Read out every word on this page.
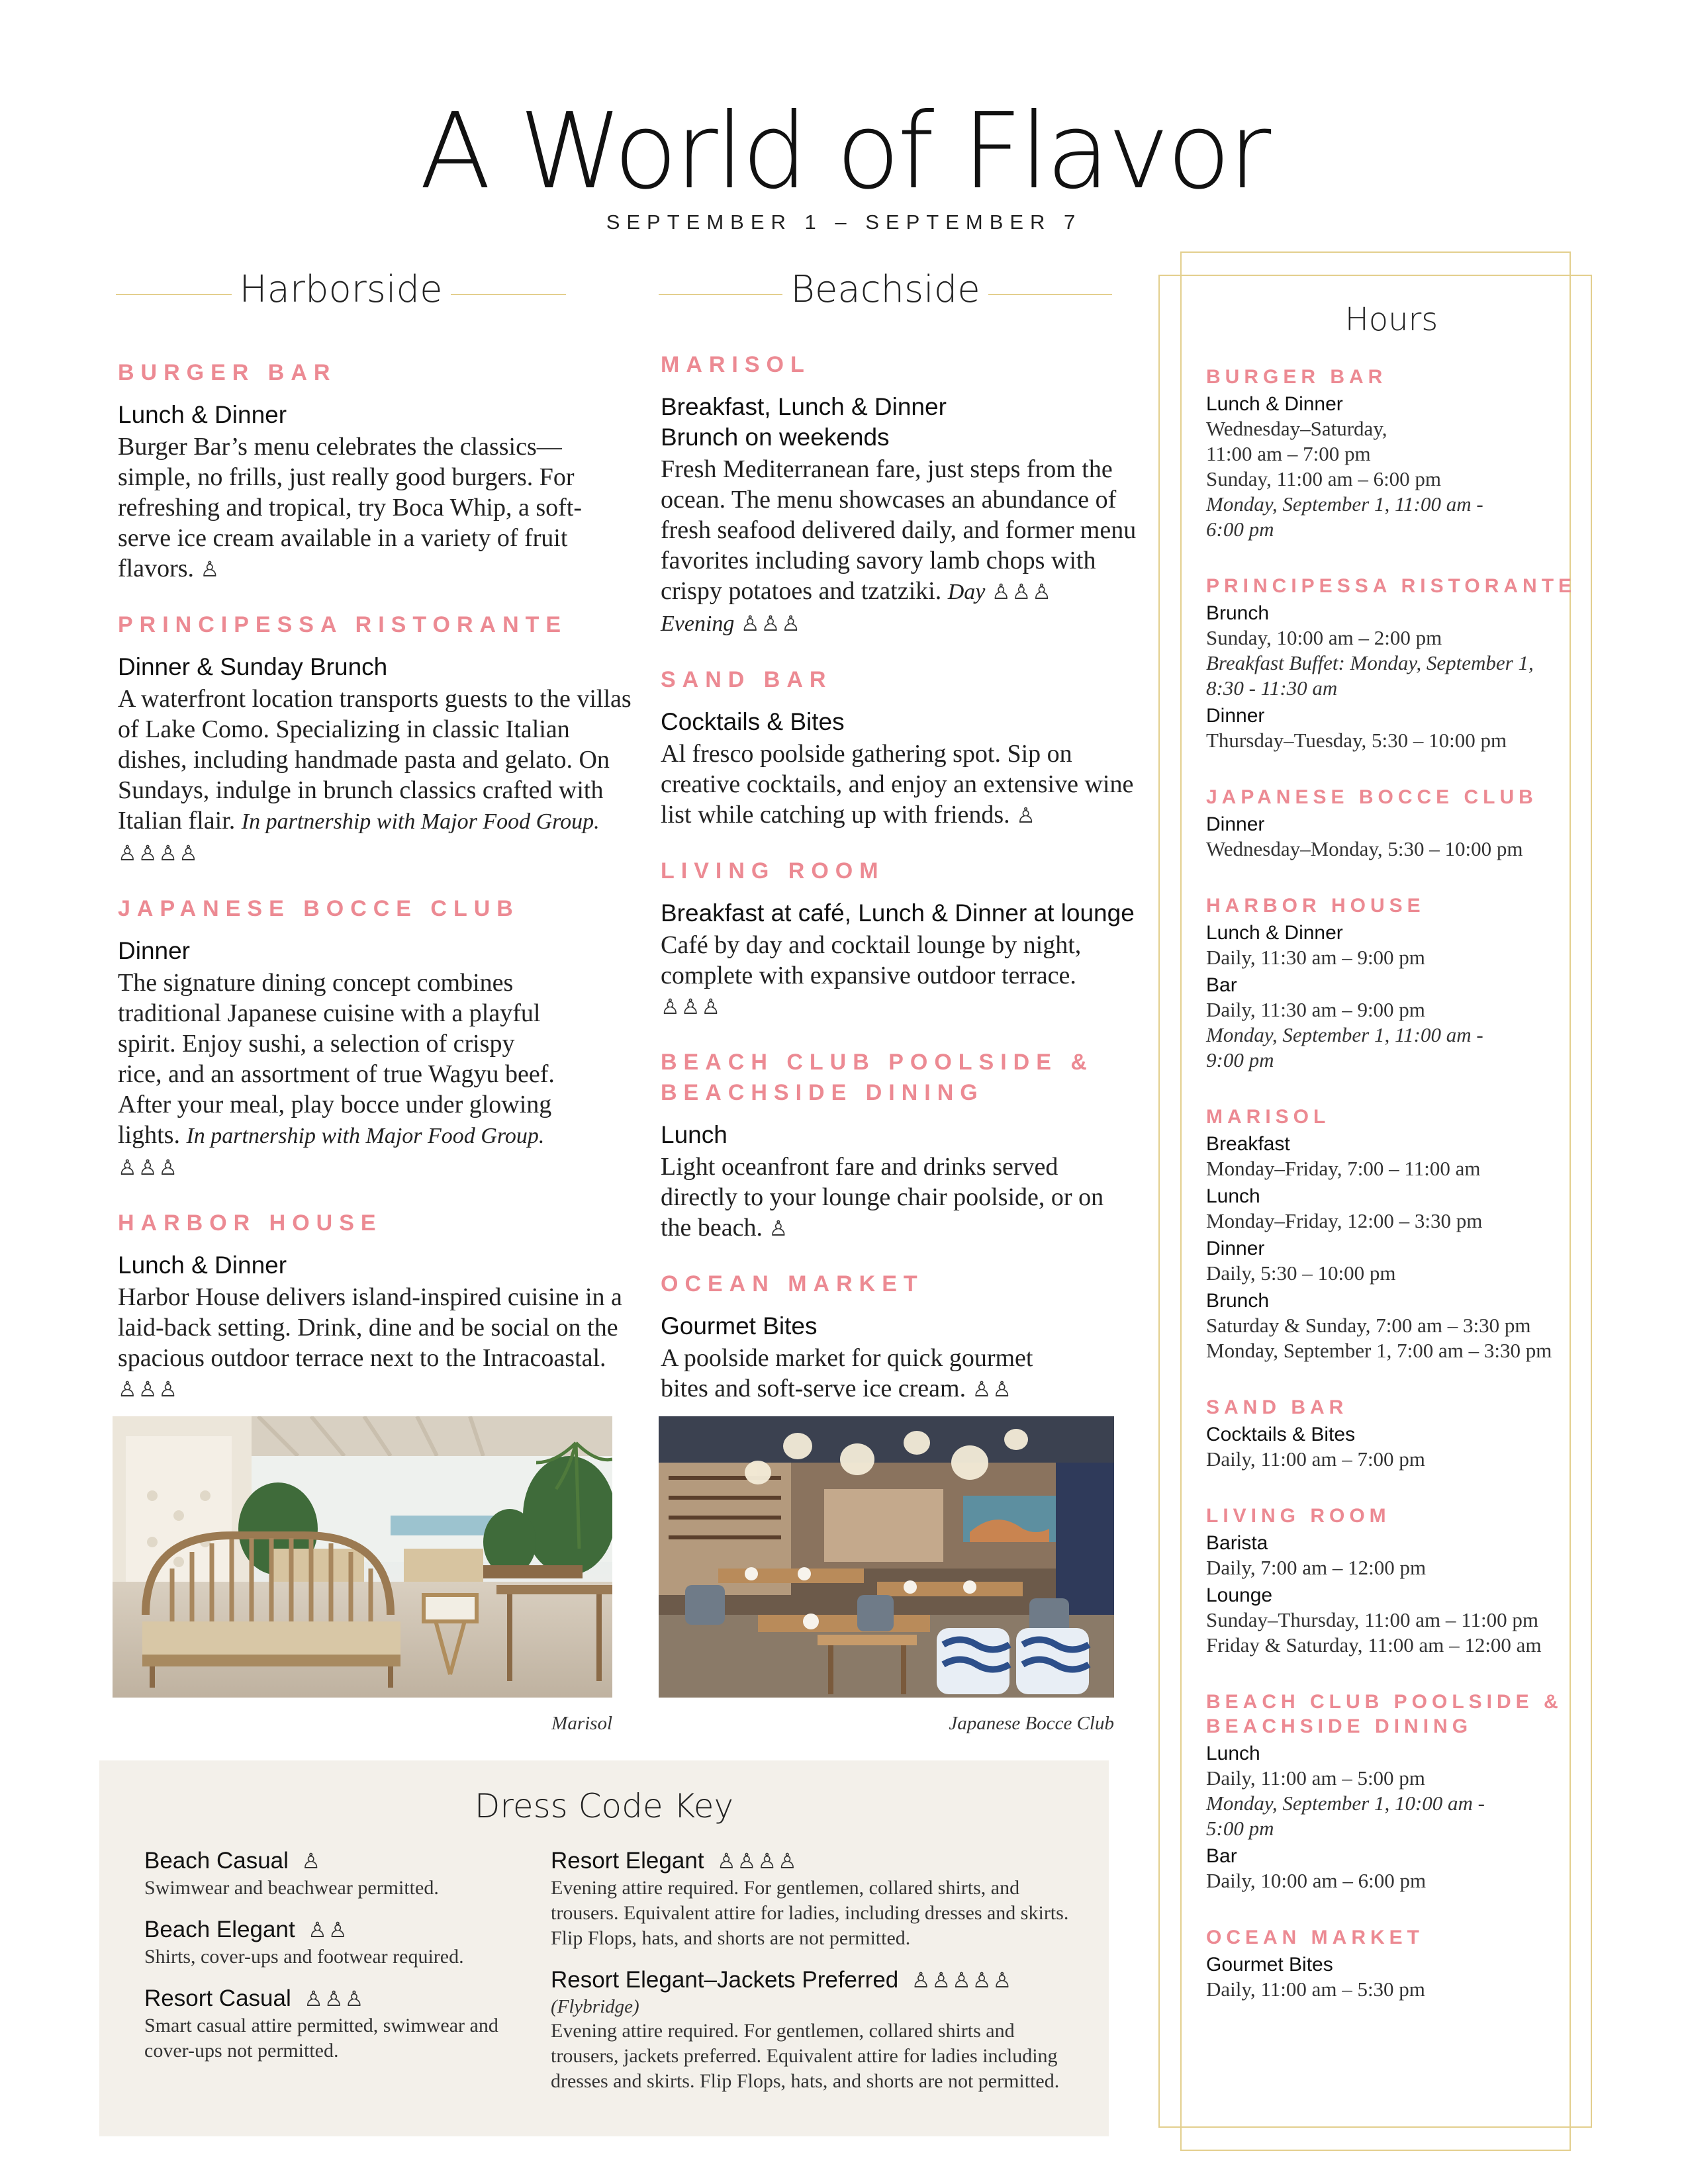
A World of Flavor
SEPTEMBER 1 – SEPTEMBER 7
Harborside	Beachside
BURGER BAR
Lunch & Dinner
Burger Bar’s menu celebrates the classics—simple, no frills, just really good burgers. For refreshing and tropical, try Boca Whip, a soft-serve ice cream available in a variety of fruit flavors. ♙
PRINCIPESSA RISTORANTE
Dinner & Sunday Brunch
A waterfront location transports guests to the villas of Lake Como. Specializing in classic Italian dishes, including handmade pasta and gelato. On Sundays, indulge in brunch classics crafted with Italian flair. In partnership with Major Food Group. ♙♙♙♙
JAPANESE BOCCE CLUB
Dinner
The signature dining concept combines traditional Japanese cuisine with a playful spirit. Enjoy sushi, a selection of crispy rice, and an assortment of true Wagyu beef. After your meal, play bocce under glowing lights. In partnership with Major Food Group. ♙♙♙
HARBOR HOUSE
Lunch & Dinner
Harbor House delivers island-inspired cuisine in a laid-back setting. Drink, dine and be social on the spacious outdoor terrace next to the Intracoastal. ♙♙♙
MARISOL
Breakfast, Lunch & Dinner
Brunch on weekends
Fresh Mediterranean fare, just steps from the ocean. The menu showcases an abundance of fresh seafood delivered daily, and former menu favorites including savory lamb chops with crispy potatoes and tzatziki. Day ♙♙♙  Evening ♙♙♙
SAND BAR
Cocktails & Bites
Al fresco poolside gathering spot. Sip on creative cocktails, and enjoy an extensive wine list while catching up with friends. ♙
LIVING ROOM
Breakfast at café, Lunch & Dinner at lounge
Café by day and cocktail lounge by night, complete with expansive outdoor terrace. ♙♙♙
BEACH CLUB POOLSIDE & BEACHSIDE DINING
Lunch
Light oceanfront fare and drinks served directly to your lounge chair poolside, or on the beach. ♙
OCEAN MARKET
Gourmet Bites
A poolside market for quick gourmet bites and soft-serve ice cream. ♙♙
Marisol	Japanese Bocce Club
Dress Code Key
Beach Casual ♙
Swimwear and beachwear permitted.
Beach Elegant ♙♙
Shirts, cover-ups and footwear required.
Resort Casual ♙♙♙
Smart casual attire permitted, swimwear and cover-ups not permitted.
Resort Elegant ♙♙♙♙
Evening attire required. For gentlemen, collared shirts, and trousers. Equivalent attire for ladies, including dresses and skirts. Flip Flops, hats, and shorts are not permitted.
Resort Elegant–Jackets Preferred ♙♙♙♙♙
(Flybridge)
Evening attire required. For gentlemen, collared shirts and trousers, jackets preferred. Equivalent attire for ladies including dresses and skirts. Flip Flops, hats, and shorts are not permitted.
Hours
BURGER BAR
Lunch & Dinner
Wednesday–Saturday,
11:00 am – 7:00 pm
Sunday, 11:00 am – 6:00 pm
Monday, September 1, 11:00 am -
6:00 pm
PRINCIPESSA RISTORANTE
Brunch
Sunday, 10:00 am – 2:00 pm
Breakfast Buffet: Monday, September 1,
8:30 - 11:30 am
Dinner
Thursday–Tuesday, 5:30 – 10:00 pm
JAPANESE BOCCE CLUB
Dinner
Wednesday–Monday, 5:30 – 10:00 pm
HARBOR HOUSE
Lunch & Dinner
Daily, 11:30 am – 9:00 pm
Bar
Daily, 11:30 am – 9:00 pm
Monday, September 1, 11:00 am -
9:00 pm
MARISOL
Breakfast
Monday–Friday, 7:00 – 11:00 am
Lunch
Monday–Friday, 12:00 – 3:30 pm
Dinner
Daily, 5:30 – 10:00 pm
Brunch
Saturday & Sunday, 7:00 am – 3:30 pm
Monday, September 1, 7:00 am – 3:30 pm
SAND BAR
Cocktails & Bites
Daily, 11:00 am – 7:00 pm
LIVING ROOM
Barista
Daily, 7:00 am – 12:00 pm
Lounge
Sunday–Thursday, 11:00 am – 11:00 pm
Friday & Saturday, 11:00 am – 12:00 am
BEACH CLUB POOLSIDE & BEACHSIDE DINING
Lunch
Daily, 11:00 am – 5:00 pm
Monday, September 1, 10:00 am -
5:00 pm
Bar
Daily, 10:00 am – 6:00 pm
OCEAN MARKET
Gourmet Bites
Daily, 11:00 am – 5:30 pm
